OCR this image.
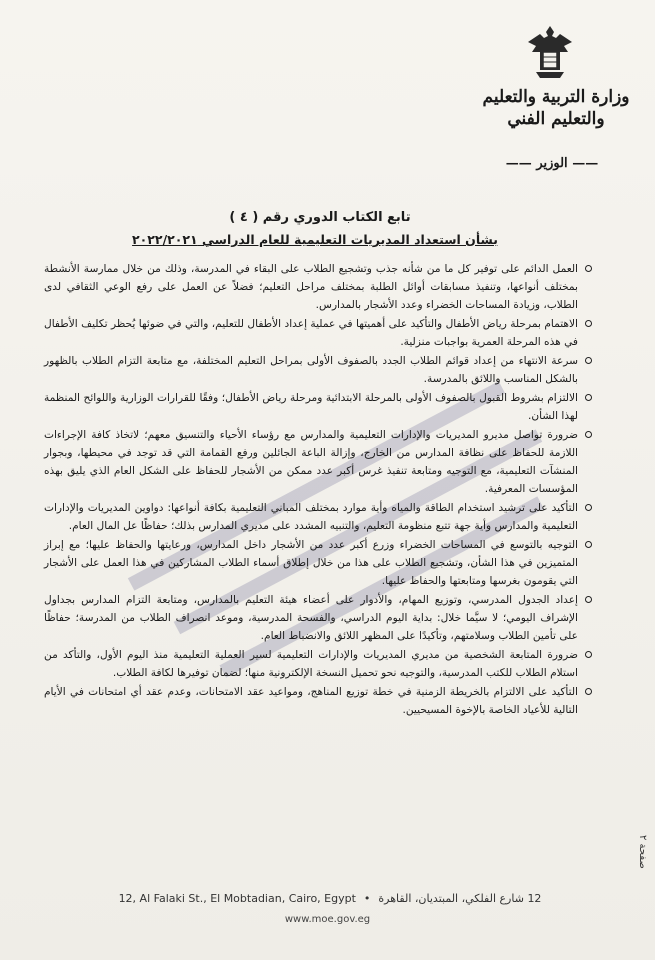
وزارة التربية والتعليم
والتعليم الفني
—— الوزير ——
تابع الكتاب الدوري رقم ( ٤ )
بشأن استعداد المديريات التعليمية للعام الدراسي ٢٠٢٢/٢٠٢١
العمل الدائم على توفير كل ما من شأنه جذب وتشجيع الطلاب على البقاء في المدرسة، وذلك من خلال ممارسة الأنشطة بمختلف أنواعها، وتنفيذ مسابقات أوائل الطلبة بمختلف مراحل التعليم؛ فضلاً عن العمل على رفع الوعي الثقافي لدى الطلاب، وزيادة المساحات الخضراء وعدد الأشجار بالمدارس.
الاهتمام بمرحلة رياض الأطفال والتأكيد على أهميتها في عملية إعداد الأطفال للتعليم، والتي في ضوئها يُحظر تكليف الأطفال في هذه المرحلة العمرية بواجبات منزلية.
سرعة الانتهاء من إعداد قوائم الطلاب الجدد بالصفوف الأولى بمراحل التعليم المختلفة، مع متابعة التزام الطلاب بالظهور بالشكل المناسب واللائق بالمدرسة.
الالتزام بشروط القبول بالصفوف الأولى بالمرحلة الابتدائية ومرحلة رياض الأطفال؛ وفقًا للقرارات الوزارية واللوائح المنظمة لهذا الشأن.
ضرورة تواصل مديرو المديريات والإدارات التعليمية والمدارس مع رؤساء الأحياء والتنسيق معهم؛ لاتخاذ كافة الإجراءات اللازمة للحفاظ على نظافة المدارس من الخارج، وإزالة الباعة الجائلين ورفع القمامة التي قد توجد في محيطها، وبجوار المنشآت التعليمية، مع التوجيه ومتابعة تنفيذ غرس أكبر عدد ممكن من الأشجار للحفاظ على الشكل العام الذي يليق بهذه المؤسسات المعرفية.
التأكيد على ترشيد استخدام الطاقة والمياه وأية موارد بمختلف المباني التعليمية بكافة أنواعها: دواوين المديريات والإدارات التعليمية والمدارس وأية جهة تتبع منظومة التعليم، والتنبيه المشدد على مديري المدارس بذلك؛ حفاظًا عل المال العام.
التوجيه بالتوسع في المساحات الخضراء وزرع أكبر عدد من الأشجار داخل المدارس، ورعايتها والحفاظ عليها؛ مع إبراز المتميزين في هذا الشأن، وتشجيع الطلاب على هذا من خلال إطلاق أسماء الطلاب المشاركين في هذا العمل على الأشجار التي يقومون بغرسها ومتابعتها والحفاظ عليها.
إعداد الجدول المدرسي، وتوزيع المهام، والأدوار على أعضاء هيئة التعليم بالمدارس، ومتابعة التزام المدارس بجداول الإشراف اليومي؛ لا سيَّما خلال: بداية اليوم الدراسي، والفسحة المدرسية، وموعد انصراف الطلاب من المدرسة؛ حفاظًا على تأمين الطلاب وسلامتهم، وتأكيدًا على المظهر اللائق والانضباط العام.
ضرورة المتابعة الشخصية من مديري المديريات والإدارات التعليمية لسير العملية التعليمية منذ اليوم الأول، والتأكد من استلام الطلاب للكتب المدرسية، والتوجيه نحو تحميل النسخة الإلكترونية منها؛ لضمان توفيرها لكافة الطلاب.
التأكيد على الالتزام بالخريطة الزمنية في خطة توزيع المناهج، ومواعيد عقد الامتحانات، وعدم عقد أي امتحانات في الأيام التالية للأعياد الخاصة بالإخوة المسيحيين.
صفحة ٢
12, Al Falaki St., El Mobtadian, Cairo, Egypt • 12 شارع الفلكي، المبتديان، القاهرة
www.moe.gov.eg
